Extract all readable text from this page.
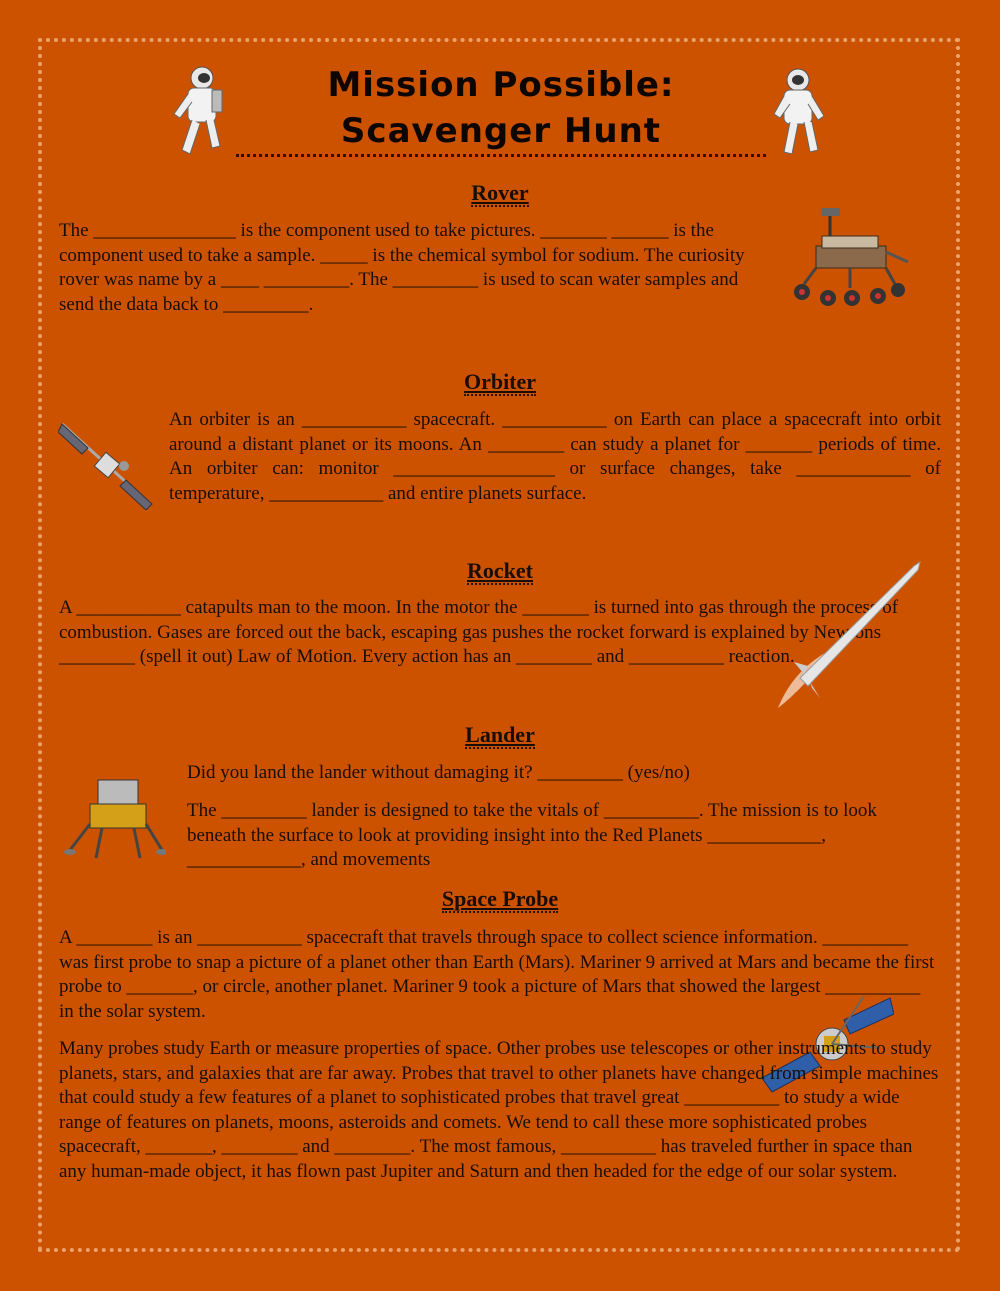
Mission Possible: Scavenger Hunt
Rover

The _______________ is the component used to take pictures. _______ ______ is the component used to take a sample. _____ is the chemical symbol for sodium. The curiosity rover was name by a ____ _________. The _________ is used to scan water samples and send the data back to _________.

Orbiter

An orbiter is an ___________ spacecraft. ___________ on Earth can place a spacecraft into orbit around a distant planet or its moons. An ________ can study a planet for _______ periods of time. An orbiter can: monitor _________________ or surface changes, take ____________ of temperature, ____________ and entire planets surface.

Rocket

A ___________ catapults man to the moon. In the motor the _______ is turned into gas through the process of combustion. Gases are forced out the back, escaping gas pushes the rocket forward is explained by Newtons ________ (spell it out) Law of Motion. Every action has an ________ and __________ reaction.

Lander

Did you land the lander without damaging it? _________ (yes/no)

The _________ lander is designed to take the vitals of __________. The mission is to look beneath the surface to look at providing insight into the Red Planets ____________, ____________, and movements

Space Probe

A ________ is an ___________ spacecraft that travels through space to collect science information. _________ was first probe to snap a picture of a planet other than Earth (Mars). Mariner 9 arrived at Mars and became the first probe to _______, or circle, another planet. Mariner 9 took a picture of Mars that showed the largest __________ in the solar system.

Many probes study Earth or measure properties of space. Other probes use telescopes or other instruments to study planets, stars, and galaxies that are far away. Probes that travel to other planets have changed from simple machines that could study a few features of a planet to sophisticated probes that travel great __________ to study a wide range of features on planets, moons, asteroids and comets. We tend to call these more sophisticated probes spacecraft, _______, ________ and ________. The most famous, __________ has traveled further in space than any human-made object, it has flown past Jupiter and Saturn and then headed for the edge of our solar system.
